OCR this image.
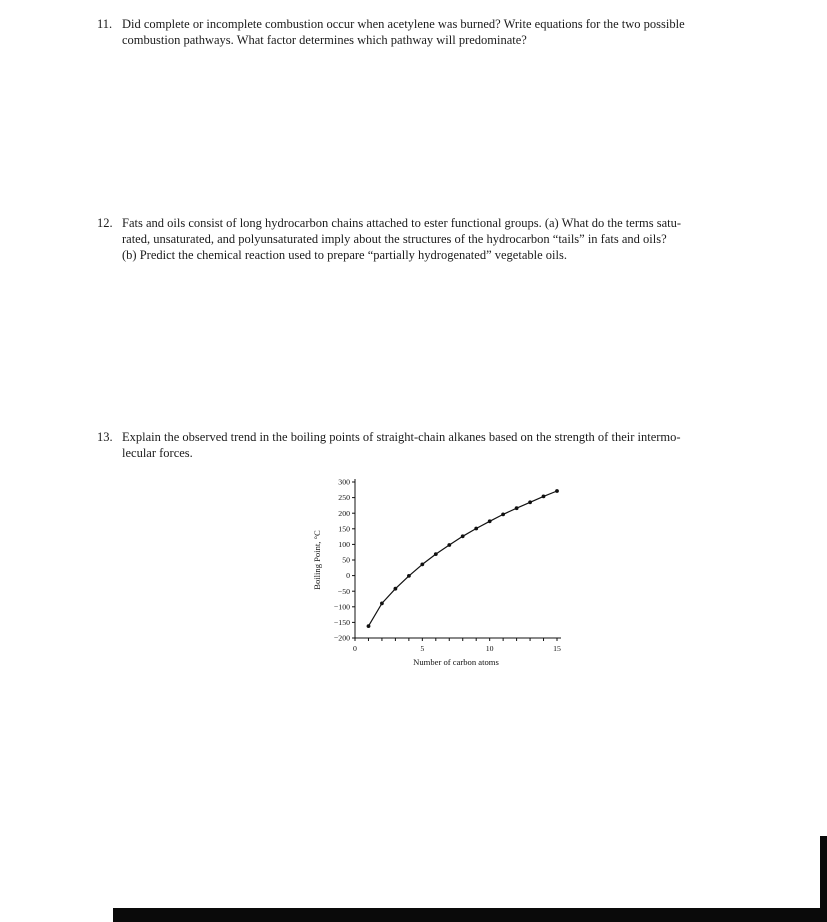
11. Did complete or incomplete combustion occur when acetylene was burned? Write equations for the two possible
combustion pathways. What factor determines which pathway will predominate?
12. Fats and oils consist of long hydrocarbon chains attached to ester functional groups. (a) What do the terms satu-
rated, unsaturated, and polyunsaturated imply about the structures of the hydrocarbon “tails” in fats and oils?
(b) Predict the chemical reaction used to prepare “partially hydrogenated” vegetable oils.
13. Explain the observed trend in the boiling points of straight-chain alkanes based on the strength of their intermo-
lecular forces.
−200
−150
−100
−50
0
50
100
150
200
250
300
0	5	10	15
Number of carbon atoms
Boiling Point, °C
